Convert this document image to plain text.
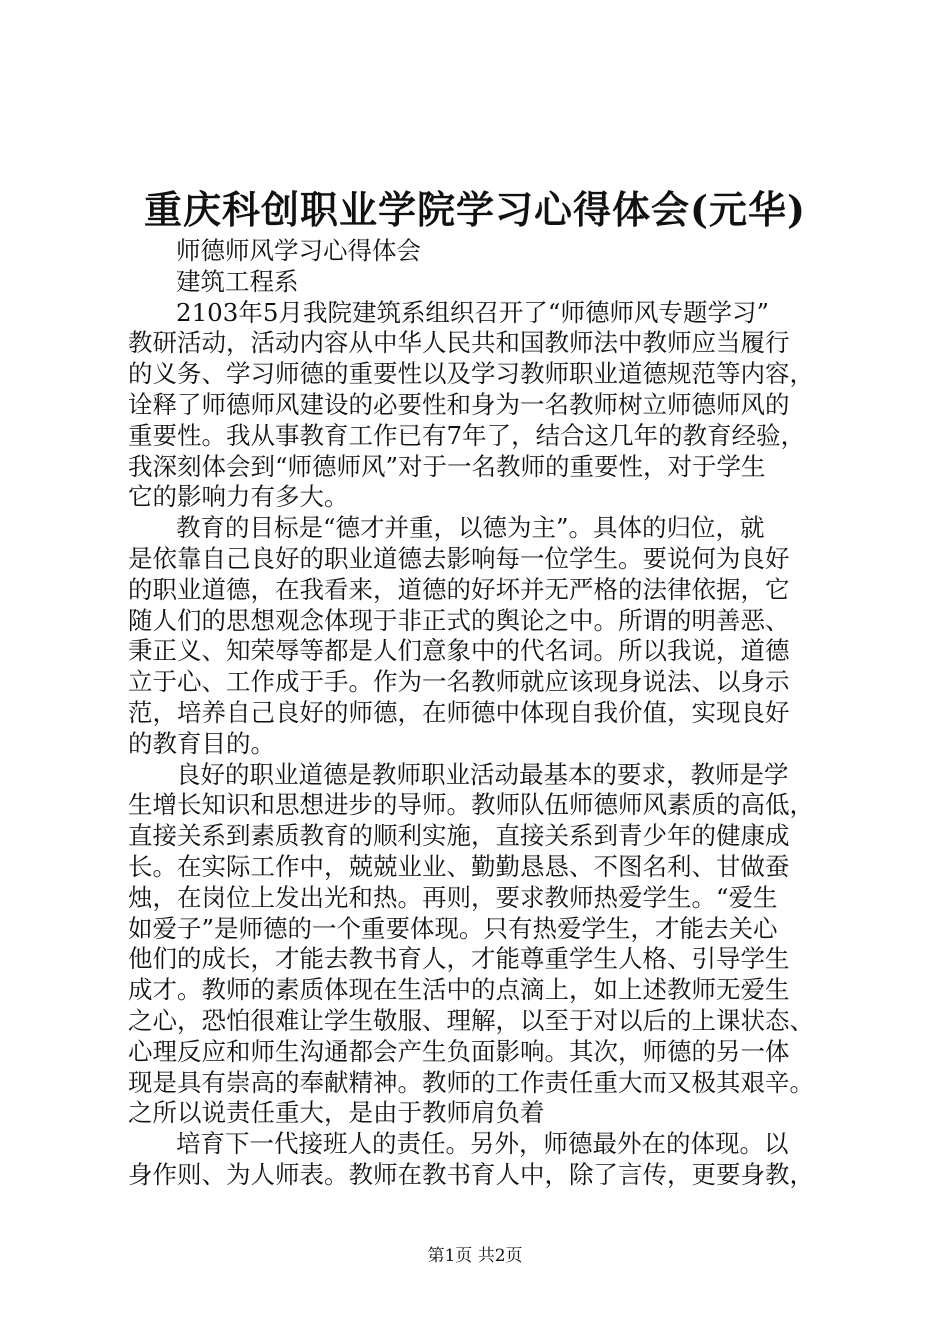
重庆科创职业学院学习心得体会(元华)
师德师风学习心得体会
建筑工程系
2103年5月我院建筑系组织召开了“师德师风专题学习”
教研活动，活动内容从中华人民共和国教师法中教师应当履行
的义务、学习师德的重要性以及学习教师职业道德规范等内容，
诠释了师德师风建设的必要性和身为一名教师树立师德师风的
重要性。我从事教育工作已有7年了，结合这几年的教育经验，
我深刻体会到“师德师风”对于一名教师的重要性，对于学生
它的影响力有多大。
教育的目标是“德才并重，以德为主”。具体的归位，就
是依靠自己良好的职业道德去影响每一位学生。要说何为良好
的职业道德，在我看来，道德的好坏并无严格的法律依据，它
随人们的思想观念体现于非正式的舆论之中。所谓的明善恶、
秉正义、知荣辱等都是人们意象中的代名词。所以我说，道德
立于心、工作成于手。作为一名教师就应该现身说法、以身示
范，培养自己良好的师德，在师德中体现自我价值，实现良好
的教育目的。
良好的职业道德是教师职业活动最基本的要求，教师是学
生增长知识和思想进步的导师。教师队伍师德师风素质的高低，
直接关系到素质教育的顺利实施，直接关系到青少年的健康成
长。在实际工作中，兢兢业业、勤勤恳恳、不图名利、甘做蚕
烛，在岗位上发出光和热。再则，要求教师热爱学生。“爱生
如爱子”是师德的一个重要体现。只有热爱学生，才能去关心
他们的成长，才能去教书育人，才能尊重学生人格、引导学生
成才。教师的素质体现在生活中的点滴上，如上述教师无爱生
之心，恐怕很难让学生敬服、理解，以至于对以后的上课状态、
心理反应和师生沟通都会产生负面影响。其次，师德的另一体
现是具有崇高的奉献精神。教师的工作责任重大而又极其艰辛。
之所以说责任重大，是由于教师肩负着
培育下一代接班人的责任。另外，师德最外在的体现。以
身作则、为人师表。教师在教书育人中，除了言传，更要身教，
第1页 共2页
